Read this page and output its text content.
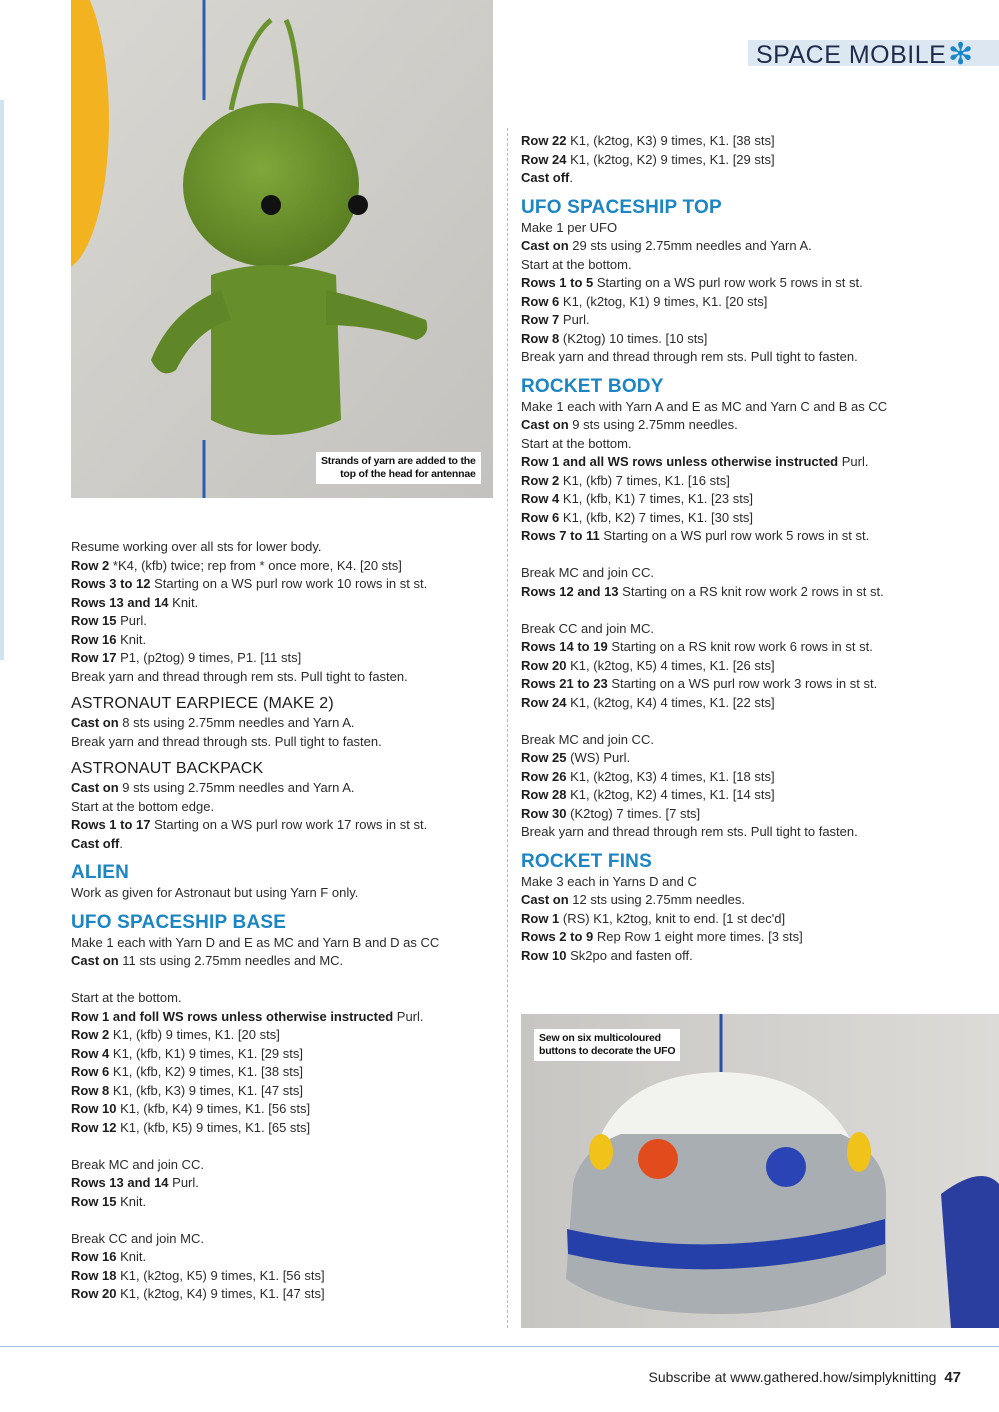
Strands of yarn are added to the
top of the head for antennae
SPACE MOBILE ✻
Resume working over all sts for lower body.
Row 2 *K4, (kfb) twice; rep from * once more, K4. [20 sts]
Rows 3 to 12 Starting on a WS purl row work 10 rows in st st.
Rows 13 and 14 Knit.
Row 15 Purl.
Row 16 Knit.
Row 17 P1, (p2tog) 9 times, P1. [11 sts]
Break yarn and thread through rem sts. Pull tight to fasten.
ASTRONAUT EARPIECE (MAKE 2)
Cast on 8 sts using 2.75mm needles and Yarn A.
Break yarn and thread through sts. Pull tight to fasten.
ASTRONAUT BACKPACK
Cast on 9 sts using 2.75mm needles and Yarn A.
Start at the bottom edge.
Rows 1 to 17 Starting on a WS purl row work 17 rows in st st.
Cast off.
ALIEN
Work as given for Astronaut but using Yarn F only.
UFO SPACESHIP BASE
Make 1 each with Yarn D and E as MC and Yarn B and D as CC
Cast on 11 sts using 2.75mm needles and MC.
Start at the bottom.
Row 1 and foll WS rows unless otherwise instructed Purl.
Row 2 K1, (kfb) 9 times, K1. [20 sts]
Row 4 K1, (kfb, K1) 9 times, K1. [29 sts]
Row 6 K1, (kfb, K2) 9 times, K1. [38 sts]
Row 8 K1, (kfb, K3) 9 times, K1. [47 sts]
Row 10 K1, (kfb, K4) 9 times, K1. [56 sts]
Row 12 K1, (kfb, K5) 9 times, K1. [65 sts]
Break MC and join CC.
Rows 13 and 14 Purl.
Row 15 Knit.
Break CC and join MC.
Row 16 Knit.
Row 18 K1, (k2tog, K5) 9 times, K1. [56 sts]
Row 20 K1, (k2tog, K4) 9 times, K1. [47 sts]
Row 22 K1, (k2tog, K3) 9 times, K1. [38 sts]
Row 24 K1, (k2tog, K2) 9 times, K1. [29 sts]
Cast off.
UFO SPACESHIP TOP
Make 1 per UFO
Cast on 29 sts using 2.75mm needles and Yarn A.
Start at the bottom.
Rows 1 to 5 Starting on a WS purl row work 5 rows in st st.
Row 6 K1, (k2tog, K1) 9 times, K1. [20 sts]
Row 7 Purl.
Row 8 (K2tog) 10 times. [10 sts]
Break yarn and thread through rem sts. Pull tight to fasten.
ROCKET BODY
Make 1 each with Yarn A and E as MC and Yarn C and B as CC
Cast on 9 sts using 2.75mm needles.
Start at the bottom.
Row 1 and all WS rows unless otherwise instructed Purl.
Row 2 K1, (kfb) 7 times, K1. [16 sts]
Row 4 K1, (kfb, K1) 7 times, K1. [23 sts]
Row 6 K1, (kfb, K2) 7 times, K1. [30 sts]
Rows 7 to 11 Starting on a WS purl row work 5 rows in st st.
Break MC and join CC.
Rows 12 and 13 Starting on a RS knit row work 2 rows in st st.
Break CC and join MC.
Rows 14 to 19 Starting on a RS knit row work 6 rows in st st.
Row 20 K1, (k2tog, K5) 4 times, K1. [26 sts]
Rows 21 to 23 Starting on a WS purl row work 3 rows in st st.
Row 24 K1, (k2tog, K4) 4 times, K1. [22 sts]
Break MC and join CC.
Row 25 (WS) Purl.
Row 26 K1, (k2tog, K3) 4 times, K1. [18 sts]
Row 28 K1, (k2tog, K2) 4 times, K1. [14 sts]
Row 30 (K2tog) 7 times. [7 sts]
Break yarn and thread through rem sts. Pull tight to fasten.
ROCKET FINS
Make 3 each in Yarns D and C
Cast on 12 sts using 2.75mm needles.
Row 1 (RS) K1, k2tog, knit to end. [1 st dec'd]
Rows 2 to 9 Rep Row 1 eight more times. [3 sts]
Row 10 Sk2po and fasten off.
Sew on six multicoloured
buttons to decorate the UFO
Subscribe at www.gathered.how/simplyknitting 47
